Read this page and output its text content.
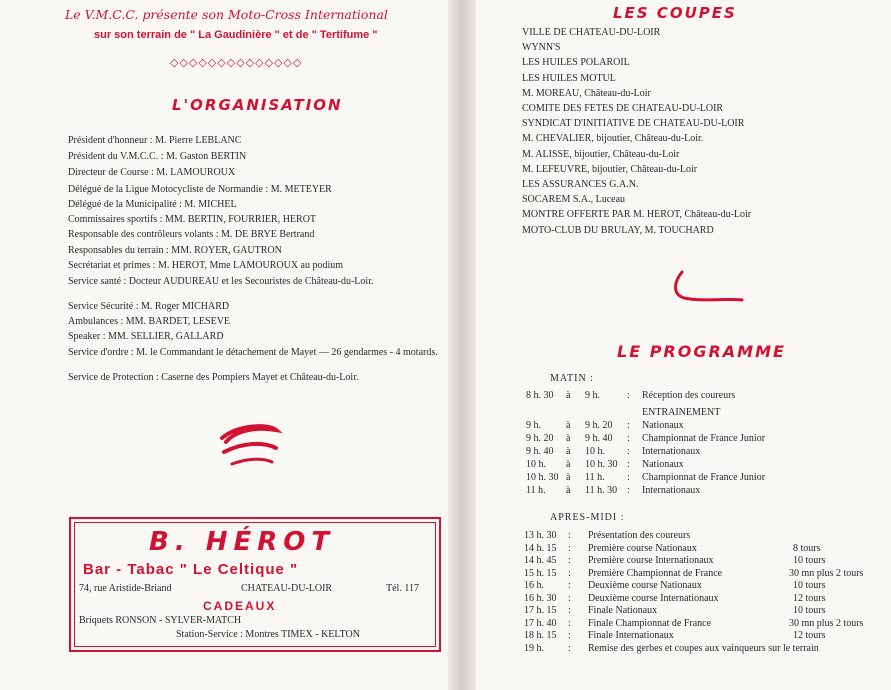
Le V.M.C.C. présente son Moto-Cross International
sur son terrain de " La Gaudinière " et de " Tertifume "
◇◇◇◇◇◇◇◇◇◇◇◇◇◇
L'ORGANISATION
Président d'honneur : M. Pierre LEBLANC
Président du V.M.C.C. : M. Gaston BERTIN
Directeur de Course : M. LAMOUROUX
Délégué de la Ligue Motocycliste de Normandie : M. METEYER
Délégué de la Municipalité : M. MICHEL
Commissaires sportifs : MM. BERTIN, FOURRIER, HEROT
Responsable des contrôleurs volants : M. DE BRYE Bertrand
Responsables du terrain : MM. ROYER, GAUTRON
Secrétariat et primes : M. HEROT, Mme LAMOUROUX au podium
Service santé : Docteur AUDUREAU et les Secouristes de Château-du-Loir.
Service Sécurité : M. Roger MICHARD
Ambulances : MM. BARDET, LESEVE
Speaker : MM. SELLIER, GALLARD
Service d'ordre : M. le Commandant le détachement de Mayet — 26 gendarmes - 4 motards.
Service de Protection : Caserne des Pompiers Mayet et Château-du-Loir.
B. HÉROT
Bar - Tabac " Le Celtique "
74, rue Aristide-Briand	CHATEAU-DU-LOIR	Tél. 117
CADEAUX
Briquets RONSON - SYLVER-MATCH
Station-Service : Montres TIMEX - KELTON
LES COUPES
VILLE DE CHATEAU-DU-LOIR
WYNN'S
LES HUILES POLAROIL
LES HUILES MOTUL
M. MOREAU, Château-du-Loir
COMITE DES FETES DE CHATEAU-DU-LOIR
SYNDICAT D'INITIATIVE DE CHATEAU-DU-LOIR
M. CHEVALIER, bijoutier, Château-du-Loir.
M. ALISSE, bijoutier, Château-du-Loir
M. LEFEUVRE, bijoutier, Château-du-Loir
LES ASSURANCES G.A.N.
SOCAREM S.A., Luceau
MONTRE OFFERTE PAR M. HEROT, Château-du-Loir
MOTO-CLUB DU BRULAY, M. TOUCHARD
LE PROGRAMME
MATIN :
8 h. 30 à 9 h.	: Réception des coureurs
ENTRAINEMENT
9 h.	à 9 h. 20 : Nationaux
9 h. 20 à 9 h. 40 : Championnat de France Junior
9 h. 40 à 10 h. : Internationaux
10 h. à 10 h. 30 : Nationaux
10 h. 30 à 11 h. : Championnat de France Junior
11 h. à 11 h. 30 : Internationaux
APRES-MIDI :
13 h. 30 : Présentation des coureurs
14 h. 15 : Première course Nationaux	8 tours
14 h. 45 : Première course Internationaux	10 tours
15 h. 15 : Première Championnat de France	30 mn plus 2 tours
16 h. : Deuxième course Nationaux	10 tours
16 h. 30 : Deuxième course Internationaux	12 tours
17 h. 15 : Finale Nationaux	10 tours
17 h. 40 : Finale Championnat de France	30 mn plus 2 tours
18 h. 15 : Finale Internationaux	12 tours
19 h. : Remise des gerbes et coupes aux vainqueurs sur le terrain
